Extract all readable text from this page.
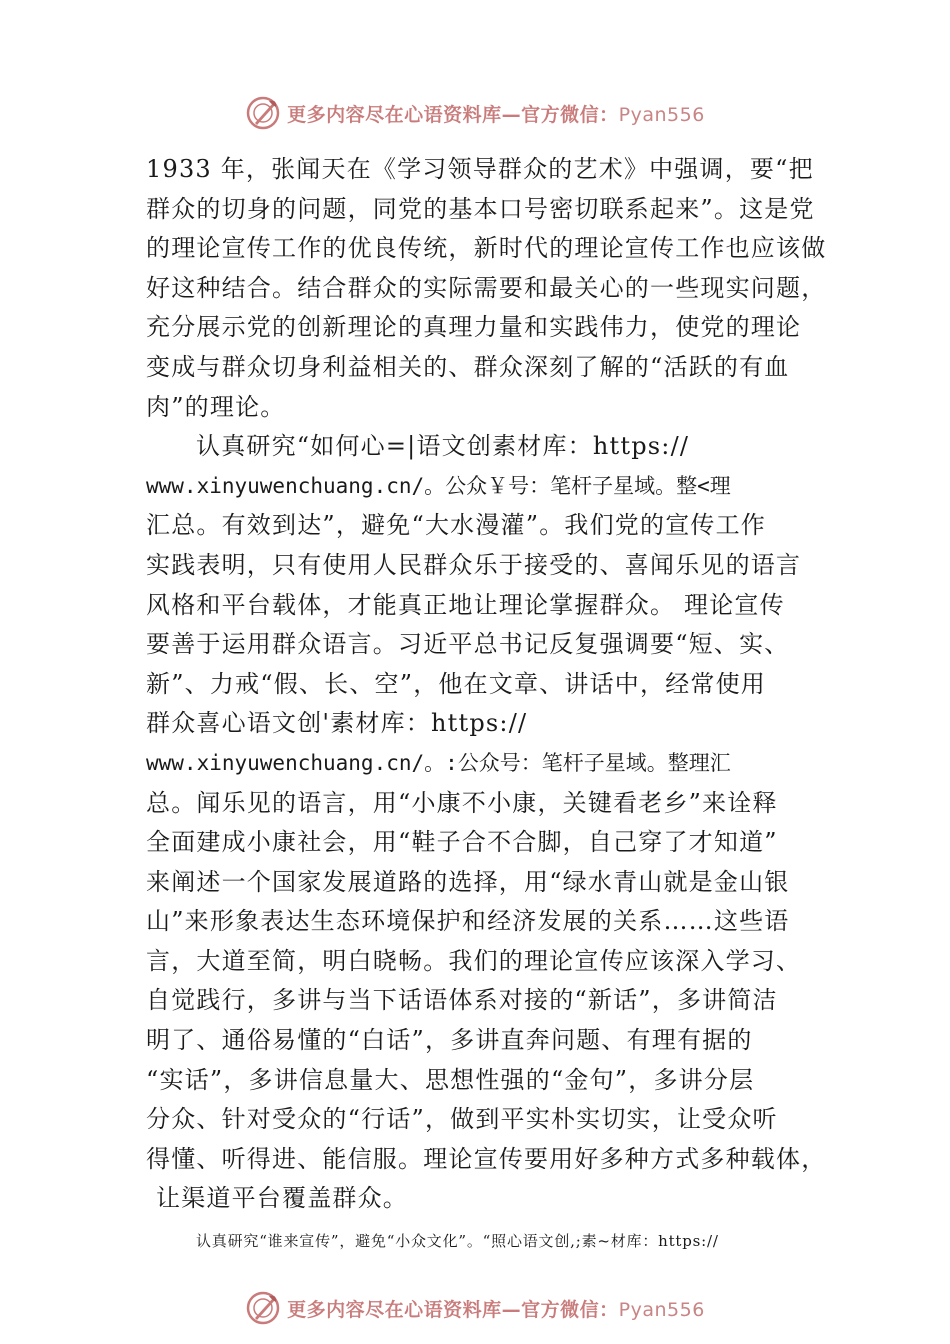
更多内容尽在心语资料库—官方微信：Pyan556
1933 年，张闻天在《学习领导群众的艺术》中强调，要“把
群众的切身的问题，同党的基本口号密切联系起来”。这是党
的理论宣传工作的优良传统，新时代的理论宣传工作也应该做
好这种结合。结合群众的实际需要和最关心的一些现实问题，
充分展示党的创新理论的真理力量和实践伟力，使党的理论
变成与群众切身利益相关的、群众深刻了解的“活跃的有血
肉”的理论。
认真研究“如何心=|语文创素材库：https://
www.xinyuwenchuang.cn/。公众￥号：笔杆子星域。整<理
汇总。有效到达”，避免“大水漫灌”。我们党的宣传工作
实践表明，只有使用人民群众乐于接受的、喜闻乐见的语言
风格和平台载体，才能真正地让理论掌握群众。 理论宣传
要善于运用群众语言。习近平总书记反复强调要“短、实、
新”、力戒“假、长、空”，他在文章、讲话中，经常使用
群众喜心语文创'素材库：https://
www.xinyuwenchuang.cn/。:公众号：笔杆子星域。整理汇
总。闻乐见的语言，用“小康不小康，关键看老乡”来诠释
全面建成小康社会，用“鞋子合不合脚，自己穿了才知道”
来阐述一个国家发展道路的选择，用“绿水青山就是金山银
山”来形象表达生态环境保护和经济发展的关系……这些语
言，大道至简，明白晓畅。我们的理论宣传应该深入学习、
自觉践行，多讲与当下话语体系对接的“新话”，多讲简洁
明了、通俗易懂的“白话”，多讲直奔问题、有理有据的
“实话”，多讲信息量大、思想性强的“金句”，多讲分层
分众、针对受众的“行话”，做到平实朴实切实，让受众听
得懂、听得进、能信服。理论宣传要用好多种方式多种载体，
让渠道平台覆盖群众。
认真研究“谁来宣传”，避免“小众文化”。“照心语文创,;素~材库：https://
更多内容尽在心语资料库—官方微信：Pyan556
